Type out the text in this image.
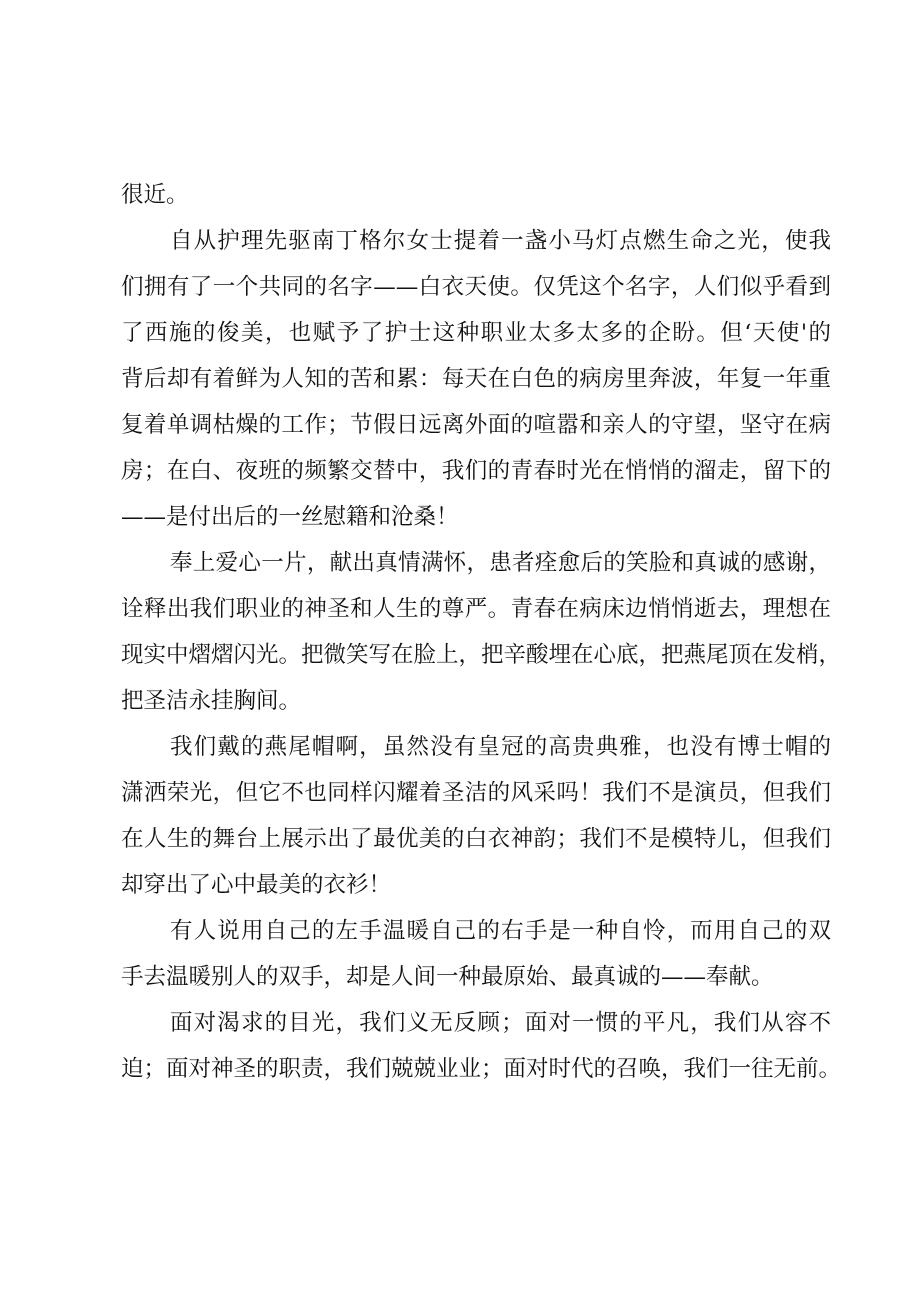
很近。
自从护理先驱南丁格尔女士提着一盏小马灯点燃生命之光，使我
们拥有了一个共同的名字——白衣天使。仅凭这个名字，人们似乎看到
了西施的俊美，也赋予了护士这种职业太多太多的企盼。但‘天使'的
背后却有着鲜为人知的苦和累：每天在白色的病房里奔波，年复一年重
复着单调枯燥的工作；节假日远离外面的喧嚣和亲人的守望，坚守在病
房；在白、夜班的频繁交替中，我们的青春时光在悄悄的溜走，留下的
——是付出后的一丝慰籍和沧桑！
奉上爱心一片，献出真情满怀，患者痊愈后的笑脸和真诚的感谢，
诠释出我们职业的神圣和人生的尊严。青春在病床边悄悄逝去，理想在
现实中熠熠闪光。把微笑写在脸上，把辛酸埋在心底，把燕尾顶在发梢，
把圣洁永挂胸间。
我们戴的燕尾帽啊，虽然没有皇冠的高贵典雅，也没有博士帽的
潇洒荣光，但它不也同样闪耀着圣洁的风采吗！我们不是演员，但我们
在人生的舞台上展示出了最优美的白衣神韵；我们不是模特儿，但我们
却穿出了心中最美的衣衫！
有人说用自己的左手温暖自己的右手是一种自怜，而用自己的双
手去温暖别人的双手，却是人间一种最原始、最真诚的——奉献。
面对渴求的目光，我们义无反顾；面对一惯的平凡，我们从容不
迫；面对神圣的职责，我们兢兢业业；面对时代的召唤，我们一往无前。
